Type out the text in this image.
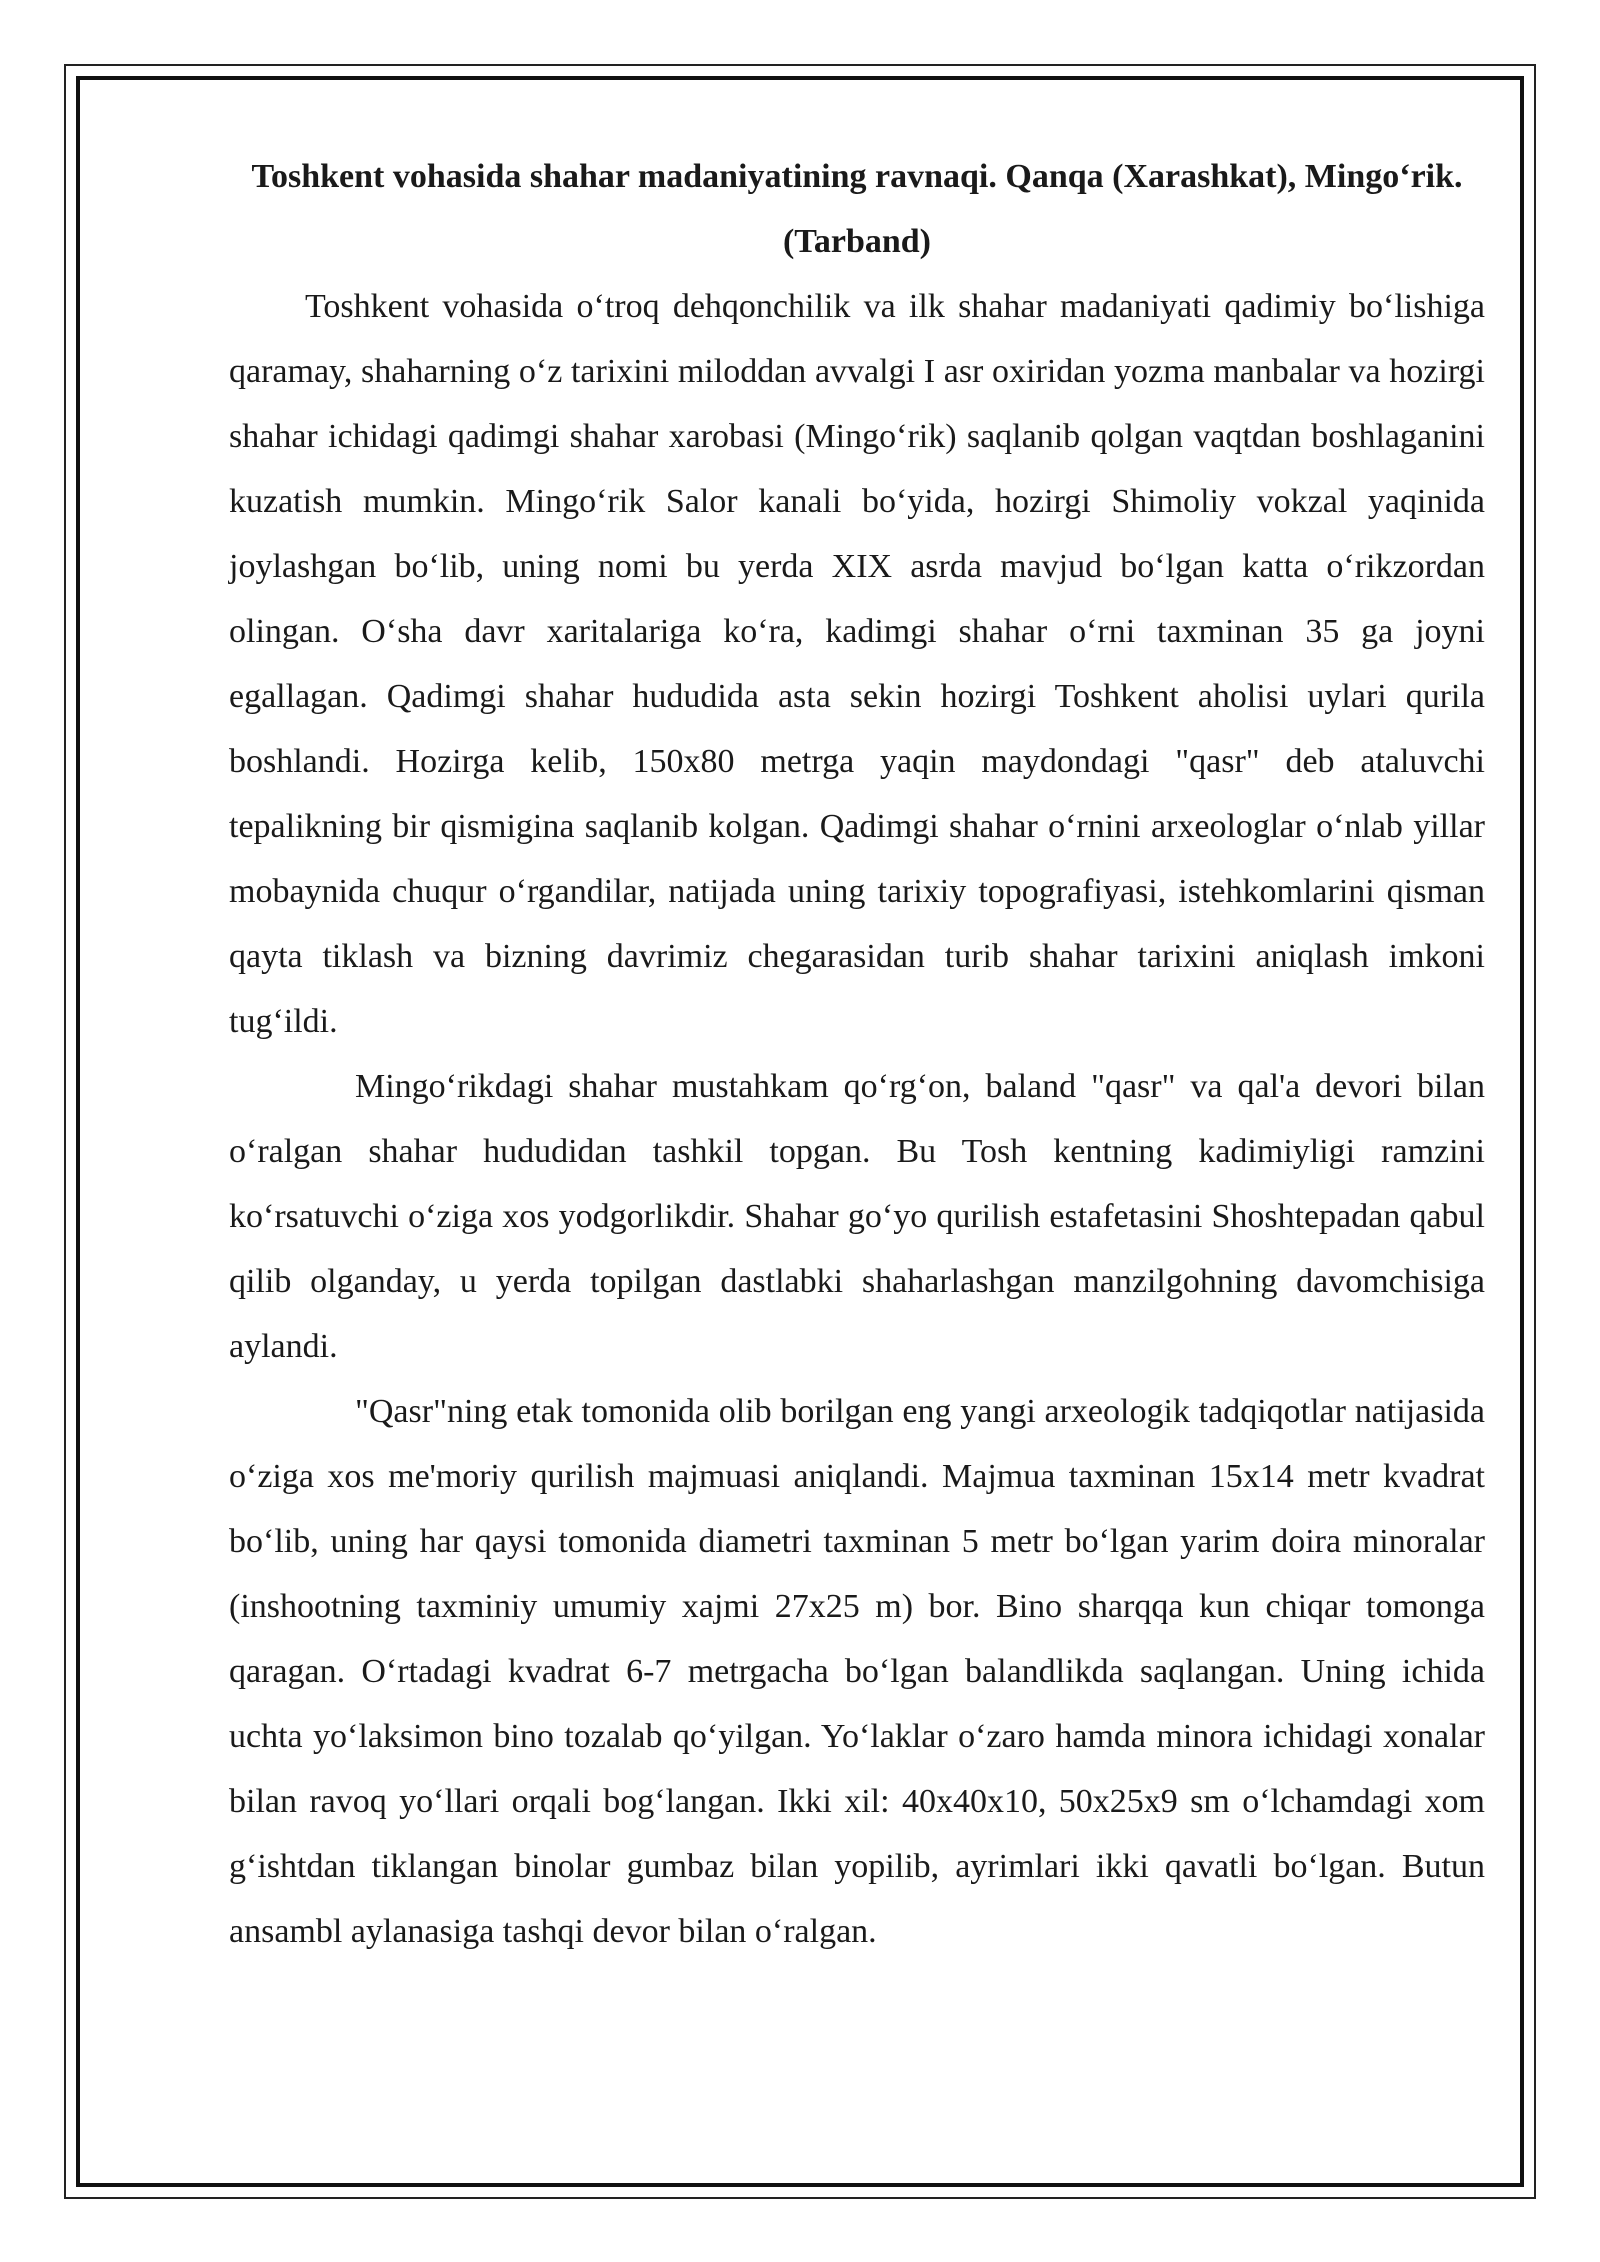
Toshkent vohasida shahar madaniyatining ravnaqi. Qanqa (Xarashkat), Mingo‘rik. (Tarband)

Toshkent vohasida o‘troq dehqonchilik va ilk shahar madaniyati qadimiy bo‘lishiga qaramay, shaharning o‘z tarixini miloddan avvalgi I asr oxiridan yozma manbalar va hozirgi shahar ichidagi qadimgi shahar xarobasi (Mingo‘rik) saqlanib qolgan vaqtdan boshlaganini kuzatish mumkin. Mingo‘rik Salor kanali bo‘yida, hozirgi Shimoliy vokzal yaqinida joylashgan bo‘lib, uning nomi bu yerda XIX asrda mavjud bo‘lgan katta o‘rikzordan olingan. O‘sha davr xaritalariga ko‘ra, kadimgi shahar o‘rni taxminan 35 ga joyni egallagan. Qadimgi shahar hududida asta sekin hozirgi Toshkent aholisi uylari qurila boshlandi. Hozirga kelib, 150x80 metrga yaqin maydondagi "qasr" deb ataluvchi tepalikning bir qismigina saqlanib kolgan. Qadimgi shahar o‘rnini arxeologlar o‘nlab yillar mobaynida chuqur o‘rgandilar, natijada uning tarixiy topografiyasi, istehkomlarini qisman qayta tiklash va bizning davrimiz chegarasidan turib shahar tarixini aniqlash imkoni tug‘ildi.

Mingo‘rikdagi shahar mustahkam qo‘rg‘on, baland "qasr" va qal'a devori bilan o‘ralgan shahar hududidan tashkil topgan. Bu Tosh kentning kadimiyligi ramzini ko‘rsatuvchi o‘ziga xos yodgorlikdir. Shahar go‘yo qurilish estafetasini Shoshtepadan qabul qilib olganday, u yerda topilgan dastlabki shaharlashgan manzilgohning davomchisiga aylandi.

"Qasr"ning etak tomonida olib borilgan eng yangi arxeologik tadqiqotlar natijasida o‘ziga xos me'moriy qurilish majmuasi aniqlandi. Majmua taxminan 15x14 metr kvadrat bo‘lib, uning har qaysi tomonida diametri taxminan 5 metr bo‘lgan yarim doira minoralar (inshootning taxminiy umumiy xajmi 27x25 m) bor. Bino sharqqa kun chiqar tomonga qaragan. O‘rtadagi kvadrat 6-7 metrgacha bo‘lgan balandlikda saqlangan. Uning ichida uchta yo‘laksimon bino tozalab qo‘yilgan. Yo‘laklar o‘zaro hamda minora ichidagi xonalar bilan ravoq yo‘llari orqali bog‘langan. Ikki xil: 40x40x10, 50x25x9 sm o‘lchamdagi xom g‘ishtdan tiklangan binolar gumbaz bilan yopilib, ayrimlari ikki qavatli bo‘lgan. Butun ansambl aylanasiga tashqi devor bilan o‘ralgan.
